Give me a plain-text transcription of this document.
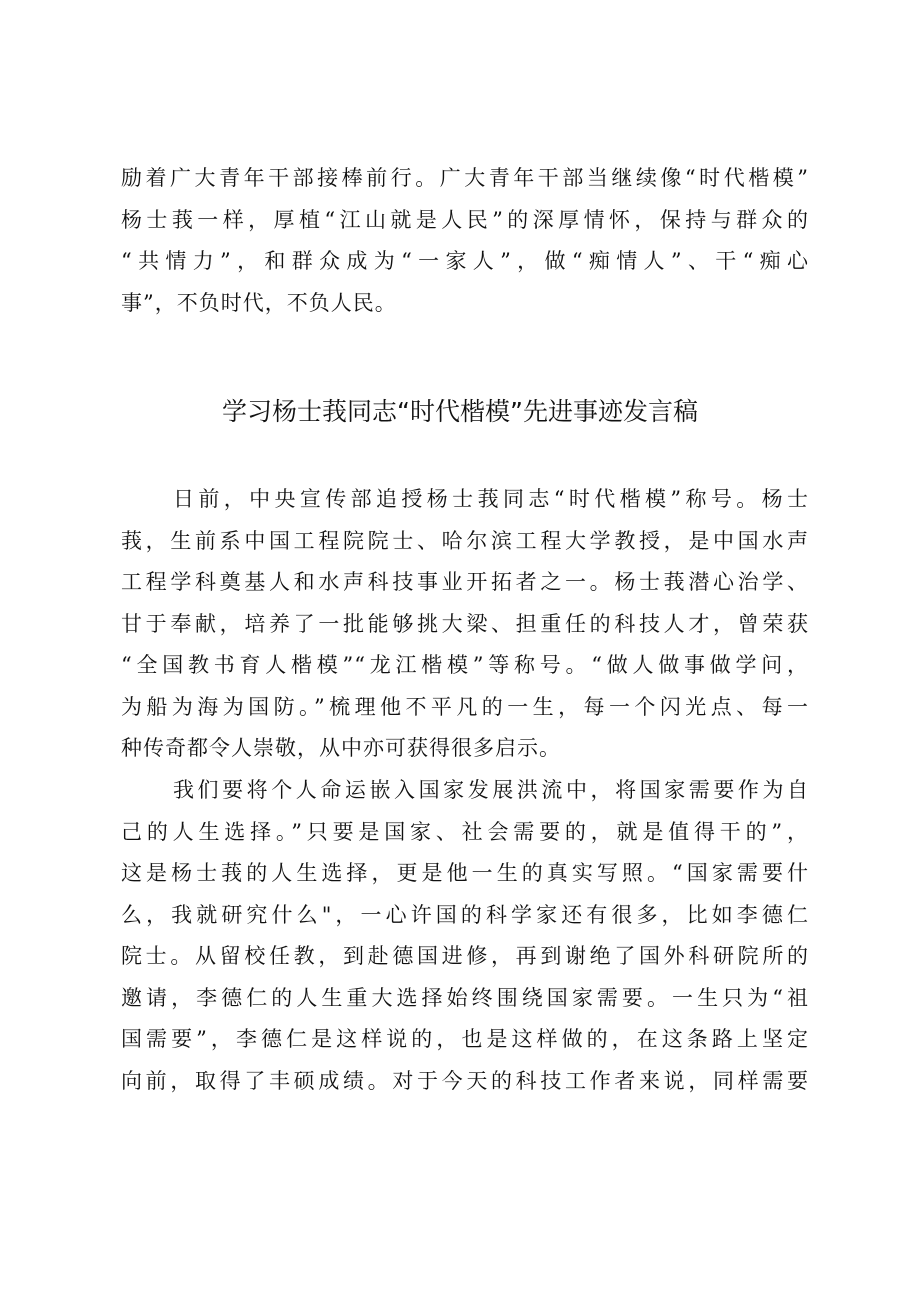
励着广大青年干部接棒前行。广大青年干部当继续像“时代楷模”
杨士莪一样，厚植“江山就是人民”的深厚情怀，保持与群众的
“共情力”，和群众成为“一家人”，做“痴情人”、干“痴心
事”，不负时代，不负人民。
学习杨士莪同志“时代楷模”先进事迹发言稿
日前，中央宣传部追授杨士莪同志“时代楷模”称号。杨士
莪，生前系中国工程院院士、哈尔滨工程大学教授，是中国水声
工程学科奠基人和水声科技事业开拓者之一。杨士莪潜心治学、
甘于奉献，培养了一批能够挑大梁、担重任的科技人才，曾荣获
“全国教书育人楷模”“龙江楷模”等称号。“做人做事做学问，
为船为海为国防。”梳理他不平凡的一生，每一个闪光点、每一
种传奇都令人崇敬，从中亦可获得很多启示。
我们要将个人命运嵌入国家发展洪流中，将国家需要作为自
己的人生选择。”只要是国家、社会需要的，就是值得干的”，
这是杨士莪的人生选择，更是他一生的真实写照。“国家需要什
么，我就研究什么"，一心许国的科学家还有很多，比如李德仁
院士。从留校任教，到赴德国进修，再到谢绝了国外科研院所的
邀请，李德仁的人生重大选择始终围绕国家需要。一生只为“祖
国需要”，李德仁是这样说的，也是这样做的，在这条路上坚定
向前，取得了丰硕成绩。对于今天的科技工作者来说，同样需要
